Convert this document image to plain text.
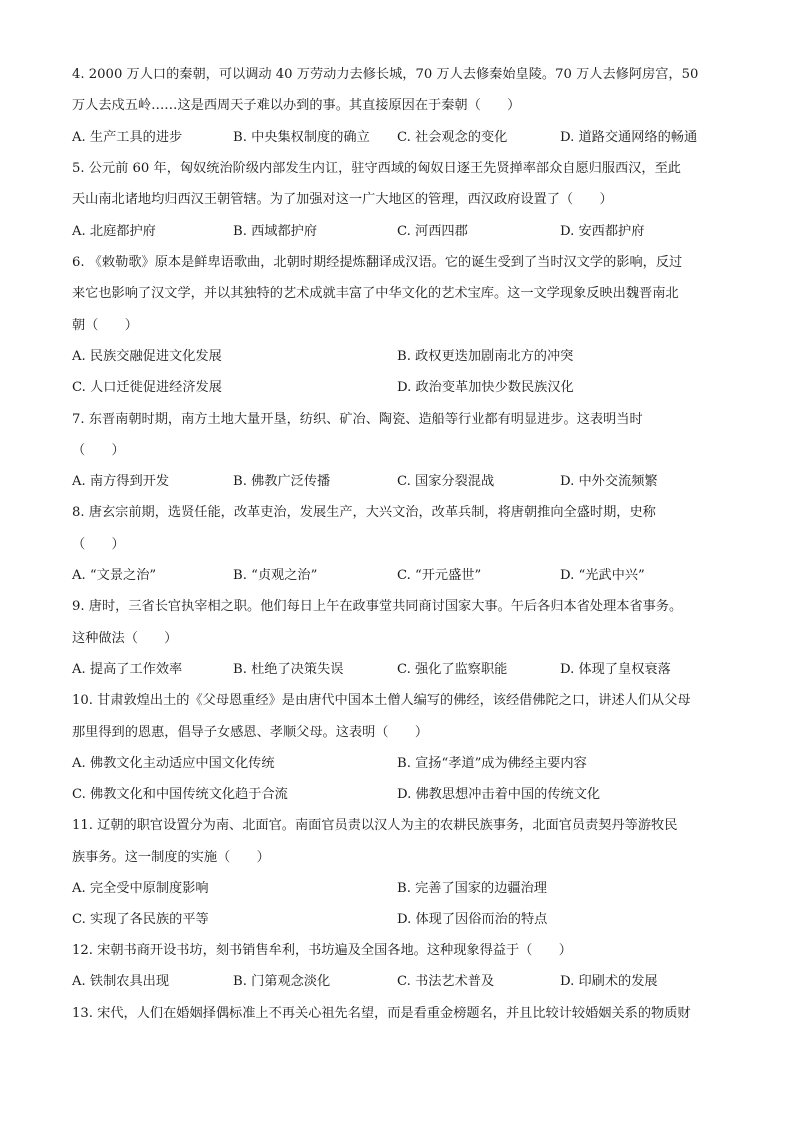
4. 2000 万人口的秦朝，可以调动 40 万劳动力去修长城，70 万人去修秦始皇陵。70 万人去修阿房宫，50
万人去戍五岭……这是西周天子难以办到的事。其直接原因在于秦朝（　　）
A. 生产工具的进步	B. 中央集权制度的确立 C. 社会观念的变化	D. 道路交通网络的畅通
5. 公元前 60 年，匈奴统治阶级内部发生内讧，驻守西域的匈奴日逐王先贤掸率部众自愿归服西汉，至此
天山南北诸地均归西汉王朝管辖。为了加强对这一广大地区的管理，西汉政府设置了（　　）
A. 北庭都护府	B. 西域都护府	C. 河西四郡	D. 安西都护府
6. 《敕勒歌》原本是鲜卑语歌曲，北朝时期经提炼翻译成汉语。它的诞生受到了当时汉文学的影响，反过
来它也影响了汉文学，并以其独特的艺术成就丰富了中华文化的艺术宝库。这一文学现象反映出魏晋南北
朝（　　）
A. 民族交融促进文化发展	B. 政权更迭加剧南北方的冲突
C. 人口迁徙促进经济发展	D. 政治变革加快少数民族汉化
7. 东晋南朝时期，南方土地大量开垦，纺织、矿冶、陶瓷、造船等行业都有明显进步。这表明当时
（　　）
A. 南方得到开发	B. 佛教广泛传播	C. 国家分裂混战	D. 中外交流频繁
8. 唐玄宗前期，选贤任能，改革吏治，发展生产，大兴文治，改革兵制，将唐朝推向全盛时期，史称
（　　）
A. “文景之治”	B. “贞观之治”	C. “开元盛世”	D. “光武中兴”
9. 唐时，三省长官执宰相之职。他们每日上午在政事堂共同商讨国家大事。午后各归本省处理本省事务。
这种做法（　　）
A. 提高了工作效率	B. 杜绝了决策失误	C. 强化了监察职能	D. 体现了皇权衰落
10. 甘肃敦煌出土的《父母恩重经》是由唐代中国本土僧人编写的佛经，该经借佛陀之口，讲述人们从父母
那里得到的恩惠，倡导子女感恩、孝顺父母。这表明（　　）
A. 佛教文化主动适应中国文化传统	B. 宣扬“孝道”成为佛经主要内容
C. 佛教文化和中国传统文化趋于合流	D. 佛教思想冲击着中国的传统文化
11. 辽朝的职官设置分为南、北面官。南面官员责以汉人为主的农耕民族事务，北面官员责契丹等游牧民
族事务。这一制度的实施（　　）
A. 完全受中原制度影响	B. 完善了国家的边疆治理
C. 实现了各民族的平等	D. 体现了因俗而治的特点
12. 宋朝书商开设书坊，刻书销售牟利，书坊遍及全国各地。这种现象得益于（　　）
A. 铁制农具出现	B. 门第观念淡化	C. 书法艺术普及	D. 印刷术的发展
13. 宋代，人们在婚姻择偶标准上不再关心祖先名望，而是看重金榜题名，并且比较计较婚姻关系的物质财
